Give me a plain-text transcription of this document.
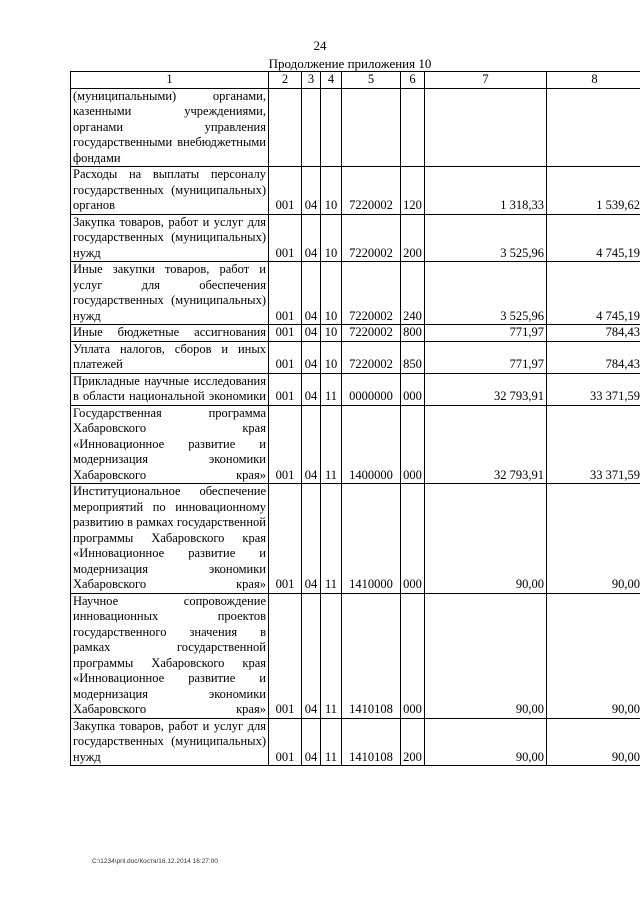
24
Продолжение приложения 10
1	2	3	4	5	6	7	8
(муниципальными) органами, казенными учреждениями, органами управления государственными внебюджетными фондами							
Расходы на выплаты персоналу государственных (муниципальных) органов	001	04	10	7220002	120	1 318,33	1 539,62
Закупка товаров, работ и услуг для государственных (муниципальных) нужд	001	04	10	7220002	200	3 525,96	4 745,19
Иные закупки товаров, работ и услуг для обеспечения государственных (муниципальных) нужд	001	04	10	7220002	240	3 525,96	4 745,19
Иные бюджетные ассигнования	001	04	10	7220002	800	771,97	784,43
Уплата налогов, сборов и иных платежей	001	04	10	7220002	850	771,97	784,43
Прикладные научные исследования в области национальной экономики	001	04	11	0000000	000	32 793,91	33 371,59
Государственная программа Хабаровского края «Инновационное развитие и модернизация экономики Хабаровского края»	001	04	11	1400000	000	32 793,91	33 371,59
Институциональное обеспечение мероприятий по инновационному развитию в рамках государственной программы Хабаровского края «Инновационное развитие и модернизация экономики Хабаровского края»	001	04	11	1410000	000	90,00	90,00
Научное сопровождение инновационных проектов государственного значения в рамках государственной программы Хабаровского края «Инновационное развитие и модернизация экономики Хабаровского края»	001	04	11	1410108	000	90,00	90,00
Закупка товаров, работ и услуг для государственных (муниципальных) нужд	001	04	11	1410108	200	90,00	90,00
C:\1234\pril.doc/Костя/16.12.2014 16:27:00
